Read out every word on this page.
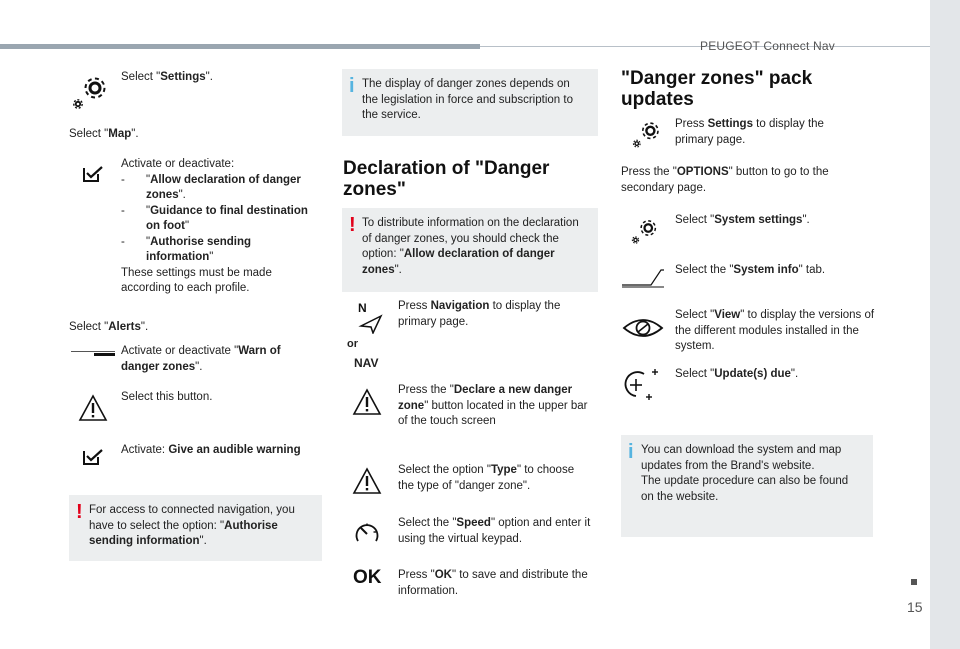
PEUGEOT Connect Nav
15
Select "Settings".
Select "Map".
Activate or deactivate:
- "Allow declaration of danger zones".
- "Guidance to final destination on foot"
- "Authorise sending information"
These settings must be made according to each profile.
Select "Alerts".
Activate or deactivate "Warn of danger zones".
Select this button.
Activate: Give an audible warning
! For access to connected navigation, you have to select the option: "Authorise sending information".
i The display of danger zones depends on the legislation in force and subscription to the service.
Declaration of "Danger zones"
! To distribute information on the declaration of danger zones, you should check the option: "Allow declaration of danger zones".
N
or
NAV
Press Navigation to display the primary page.
Press the "Declare a new danger zone" button located in the upper bar of the touch screen
Select the option "Type" to choose the type of "danger zone".
Select the "Speed" option and enter it using the virtual keypad.
OK Press "OK" to save and distribute the information.
"Danger zones" pack updates
Press Settings to display the primary page.
Press the "OPTIONS" button to go to the secondary page.
Select "System settings".
Select the "System info" tab.
Select "View" to display the versions of the different modules installed in the system.
Select "Update(s) due".
i You can download the system and map updates from the Brand's website.
The update procedure can also be found on the website.
